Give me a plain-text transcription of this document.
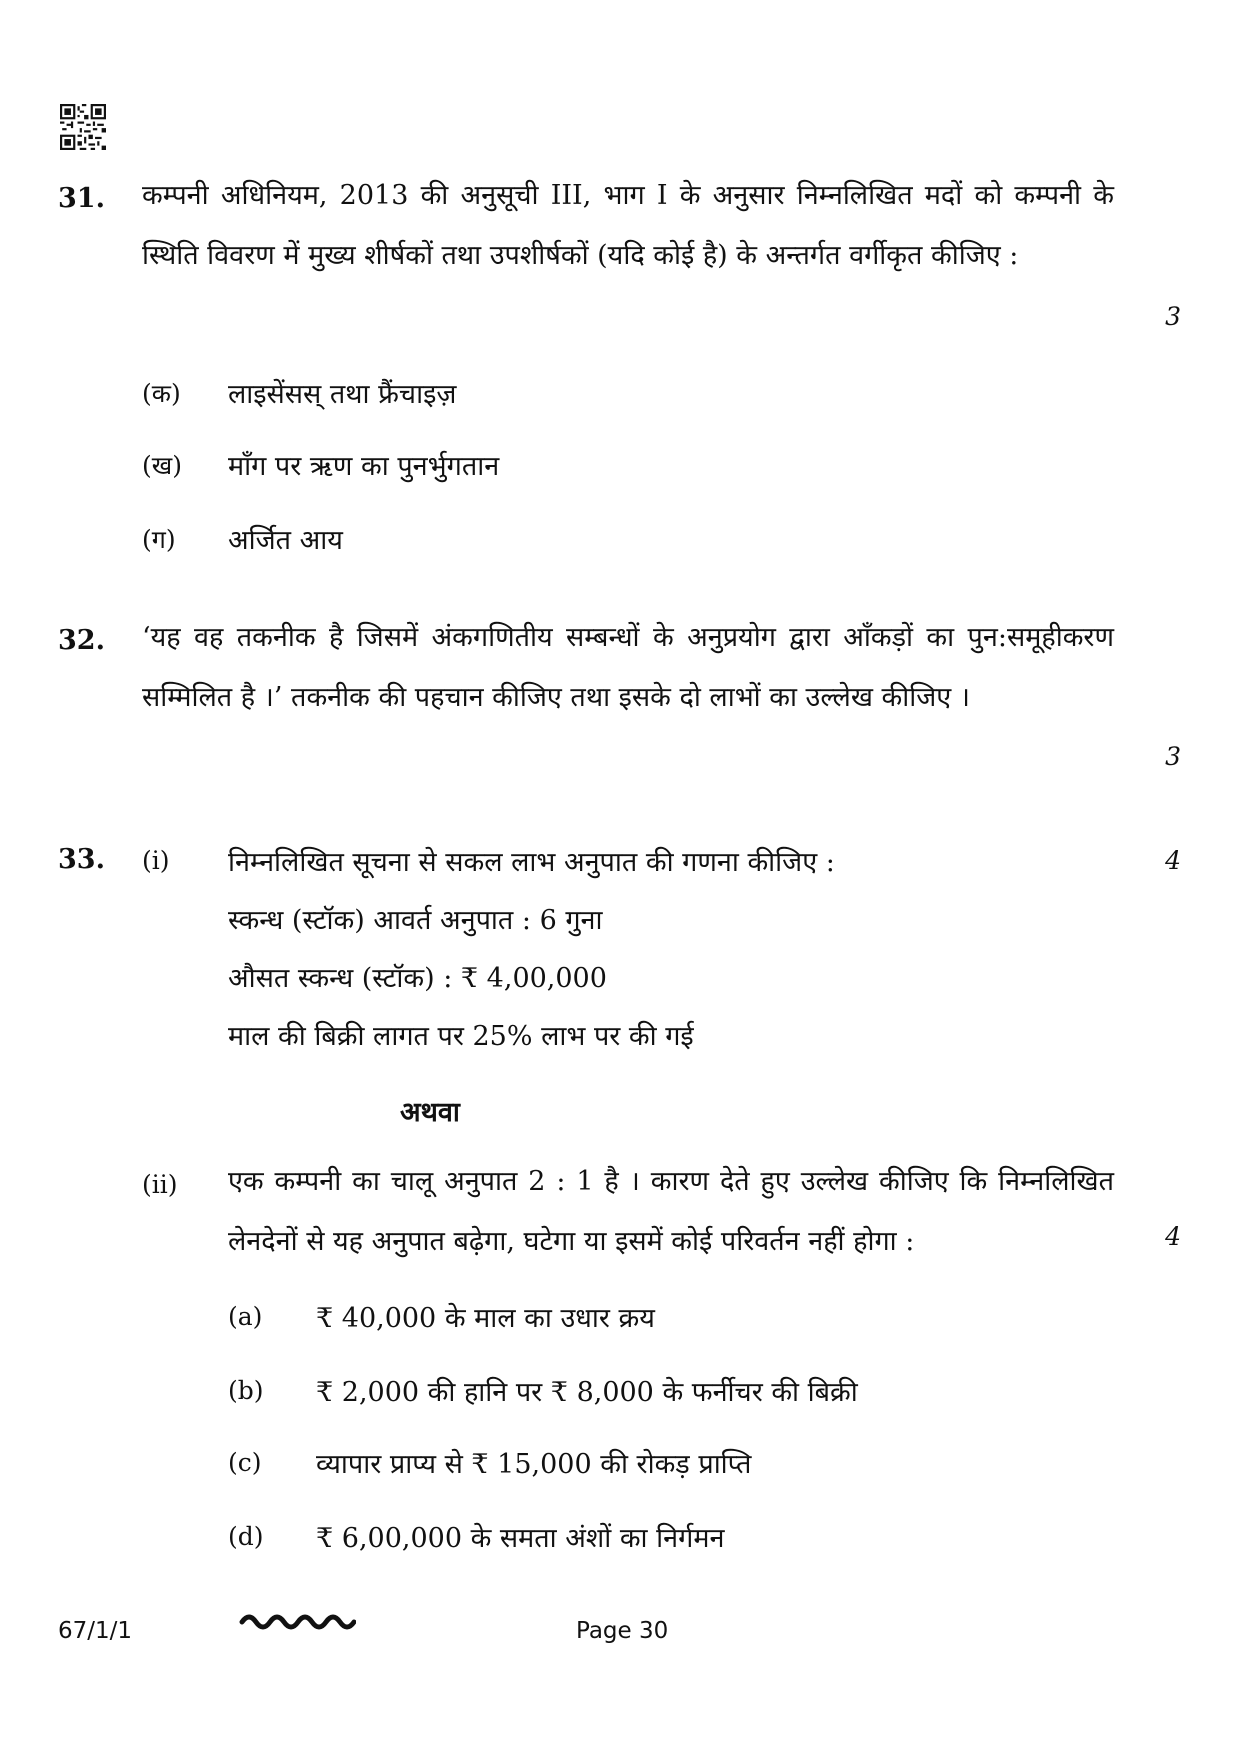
31. कम्पनी अधिनियम, 2013 की अनुसूची III, भाग I के अनुसार निम्नलिखित मदों को कम्पनी के स्थिति विवरण में मुख्य शीर्षकों तथा उपशीर्षकों (यदि कोई है) के अन्तर्गत वर्गीकृत कीजिए :
3
(क) लाइसेंसस् तथा फ्रैंचाइज़
(ख) माँग पर ऋण का पुनर्भुगतान
(ग) अर्जित आय
32. ‘यह वह तकनीक है जिसमें अंकगणितीय सम्बन्धों के अनुप्रयोग द्वारा आँकड़ों का पुन:समूहीकरण सम्मिलित है ।’ तकनीक की पहचान कीजिए तथा इसके दो लाभों का उल्लेख कीजिए ।
3
33. (i)	4
निम्नलिखित सूचना से सकल लाभ अनुपात की गणना कीजिए :
स्कन्ध (स्टॉक) आवर्त अनुपात : 6 गुना
औसत स्कन्ध (स्टॉक) : ₹ 4,00,000
माल की बिक्री लागत पर 25% लाभ पर की गई
अथवा
(ii) एक कम्पनी का चालू अनुपात 2 : 1 है । कारण देते हुए उल्लेख कीजिए कि निम्नलिखित लेनदेनों से यह अनुपात बढ़ेगा, घटेगा या इसमें कोई परिवर्तन नहीं होगा :	4
(a) ₹ 40,000 के माल का उधार क्रय
(b) ₹ 2,000 की हानि पर ₹ 8,000 के फर्नीचर की बिक्री
(c) व्यापार प्राप्य से ₹ 15,000 की रोकड़ प्राप्ति
(d) ₹ 6,00,000 के समता अंशों का निर्गमन
67/1/1	Page 30
